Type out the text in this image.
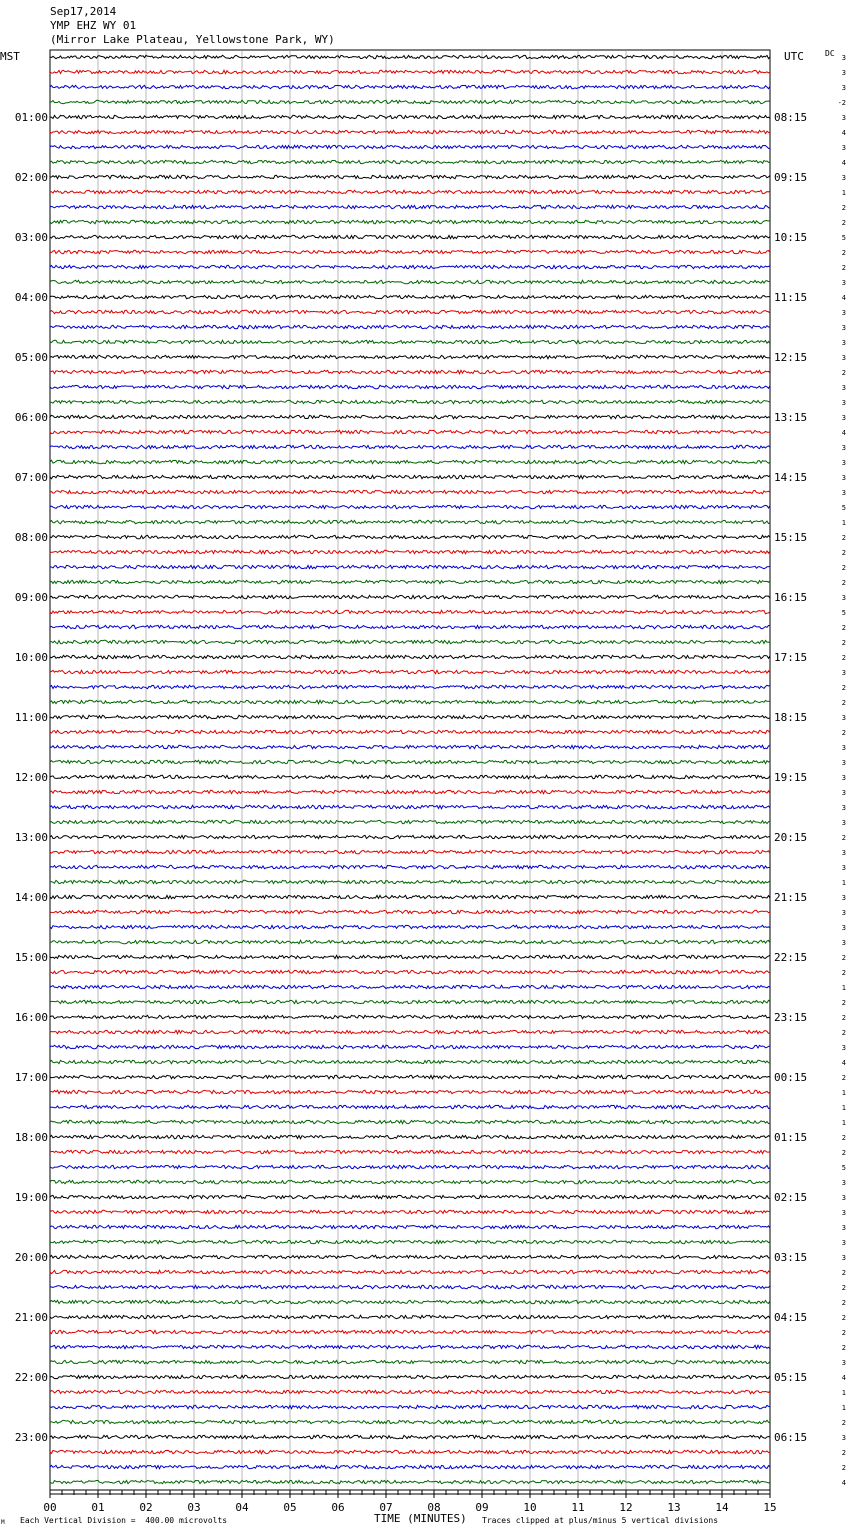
Sep17,2014
YMP EHZ WY 01
(Mirror Lake Plateau, Yellowstone Park, WY)
MST	UTC	DC
01:00
02:00
03:00
04:00
05:00
06:00
07:00
08:00
09:00
10:00
11:00
12:00
13:00
14:00
15:00
16:00
17:00
18:00
19:00
20:00
21:00
22:00
23:00
08:15
09:15
10:15
11:15
12:15
13:15
14:15
15:15
16:15
17:15
18:15
19:15
20:15
21:15
22:15
23:15
00:15
01:15
02:15
03:15
04:15
05:15
06:15
3
3
3
-2
3
4
3
4
3
1
2
2
5
2
2
3
4
3
3
3
3
2
3
3
3
4
3
3
3
3
5
1
2
2
2
2
3
5
2
2
2
3
2
2
3
2
3
3
3
3
3
3
2
3
3
1
3
3
3
3
2
2
1
2
2
2
3
4
2
1
1
1
2
2
5
3
3
3
3
3
3
2
2
2
2
2
2
3
4
1
1
2
3
2
2
4
00	01	02	03	04	05	06	07	08	09	10	11	12	13	14	15
M Each Vertical Division =  400.00 microvolts	TIME (MINUTES) Traces clipped at plus/minus 5 vertical divisions
